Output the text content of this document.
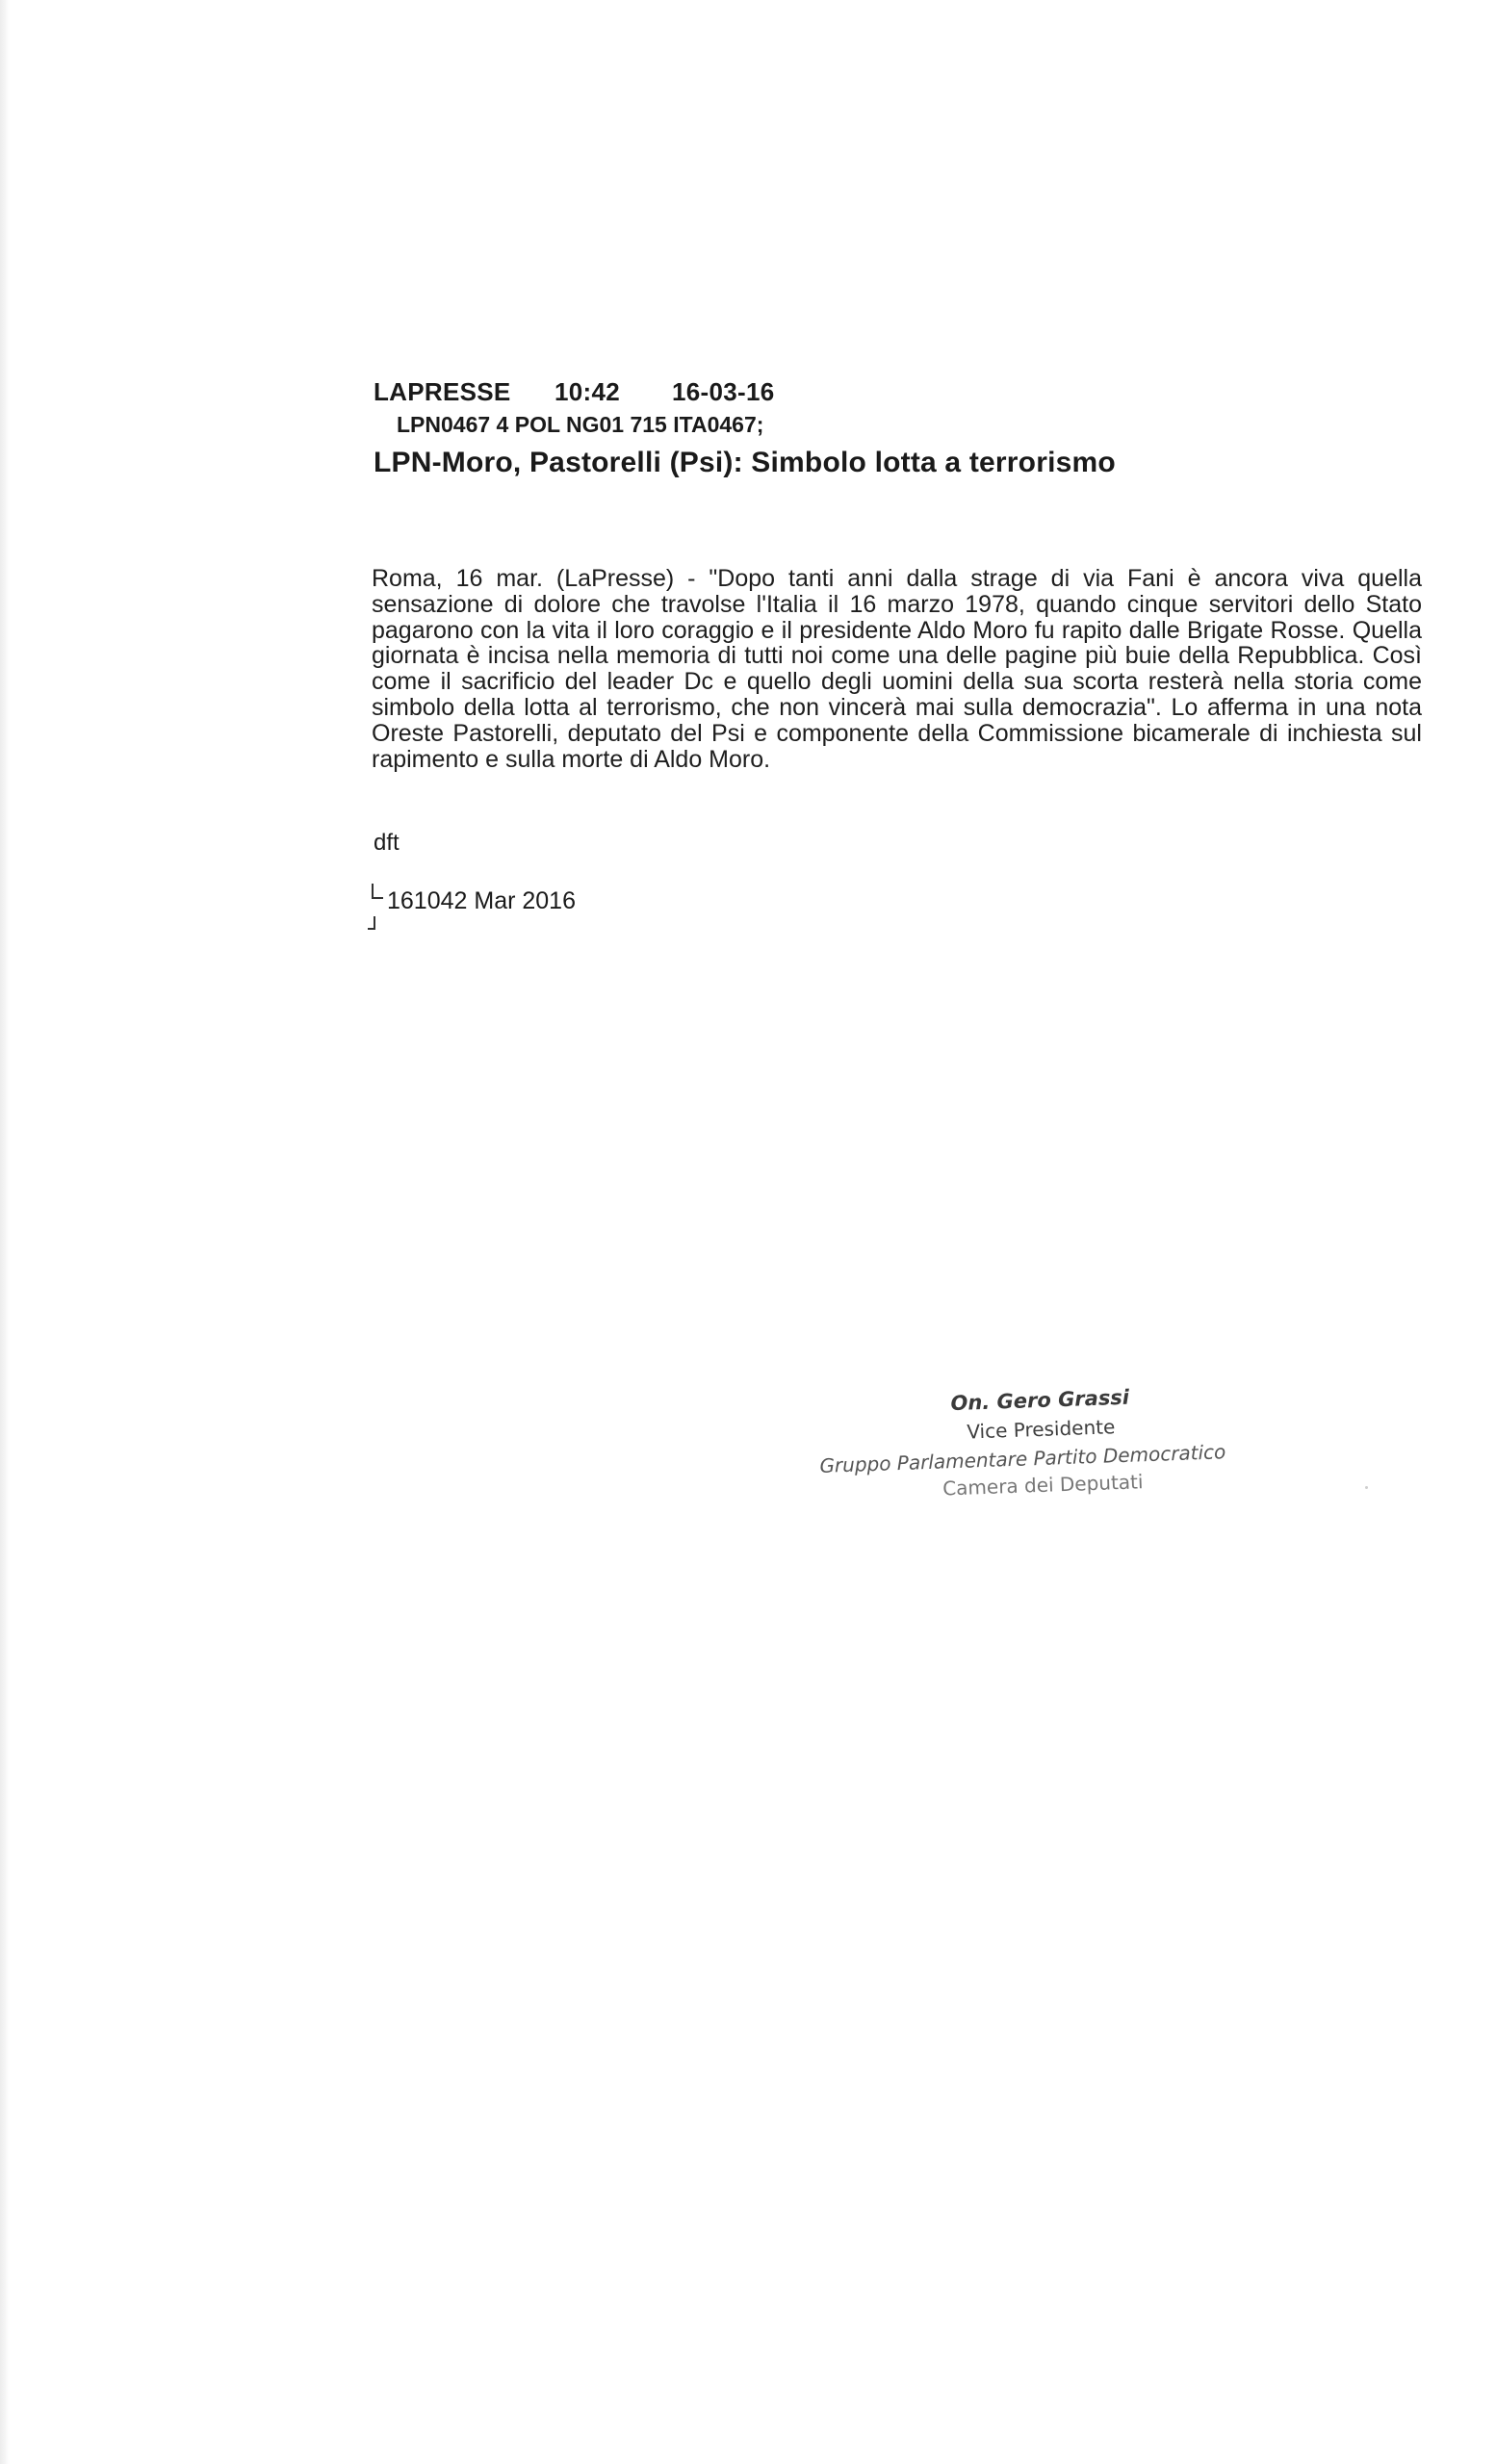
LAPRESSE 10:42 16-03-16
LPN0467 4 POL NG01 715 ITA0467;
LPN-Moro, Pastorelli (Psi): Simbolo lotta a terrorismo
Roma, 16 mar. (LaPresse) - "Dopo tanti anni dalla strage di via Fani è ancora viva quella sensazione di dolore che travolse l'Italia il 16 marzo 1978, quando cinque servitori dello Stato pagarono con la vita il loro coraggio e il presidente Aldo Moro fu rapito dalle Brigate Rosse. Quella giornata è incisa nella memoria di tutti noi come una delle pagine più buie della Repubblica. Così come il sacrificio del leader Dc e quello degli uomini della sua scorta resterà nella storia come simbolo della lotta al terrorismo, che non vincerà mai sulla democrazia". Lo afferma in una nota Oreste Pastorelli, deputato del Psi e componente della Commissione bicamerale di inchiesta sul rapimento e sulla morte di Aldo Moro.
dft
161042 Mar 2016
On. Gero Grassi
Vice Presidente
Gruppo Parlamentare Partito Democratico
Camera dei Deputati
